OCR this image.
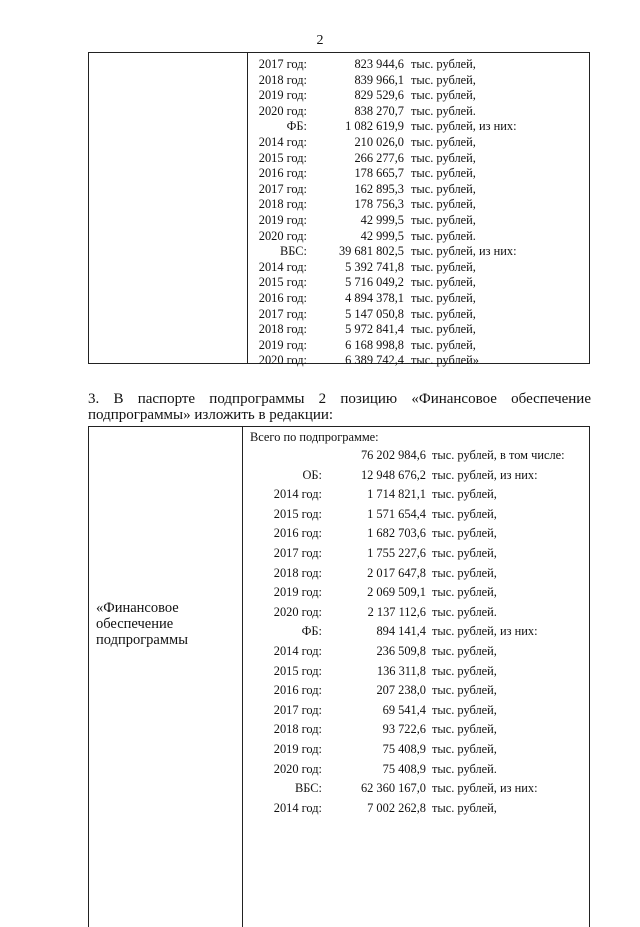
2
2017 год:	823 944,6 тыс. рублей,
2018 год:	839 966,1 тыс. рублей,
2019 год:	829 529,6 тыс. рублей,
2020 год:	838 270,7 тыс. рублей.
ФБ:	1 082 619,9 тыс. рублей, из них:
2014 год:	210 026,0 тыс. рублей,
2015 год:	266 277,6 тыс. рублей,
2016 год:	178 665,7 тыс. рублей,
2017 год:	162 895,3 тыс. рублей,
2018 год:	178 756,3 тыс. рублей,
2019 год:	42 999,5 тыс. рублей,
2020 год:	42 999,5 тыс. рублей.
ВБС:	39 681 802,5 тыс. рублей, из них:
2014 год:	5 392 741,8 тыс. рублей,
2015 год:	5 716 049,2 тыс. рублей,
2016 год:	4 894 378,1 тыс. рублей,
2017 год:	5 147 050,8 тыс. рублей,
2018 год:	5 972 841,4 тыс. рублей,
2019 год:	6 168 998,8 тыс. рублей,
2020 год:	6 389 742,4 тыс. рублей»
3. В паспорте подпрограммы 2 позицию «Финансовое обеспечение
подпрограммы» изложить в редакции:
«Финансовое
обеспечение
подпрограммы
Всего по подпрограмме:
76 202 984,6 тыс. рублей, в том числе:
ОБ:	12 948 676,2 тыс. рублей, из них:
2014 год:	1 714 821,1 тыс. рублей,
2015 год:	1 571 654,4 тыс. рублей,
2016 год:	1 682 703,6 тыс. рублей,
2017 год:	1 755 227,6 тыс. рублей,
2018 год:	2 017 647,8 тыс. рублей,
2019 год:	2 069 509,1 тыс. рублей,
2020 год:	2 137 112,6 тыс. рублей.
ФБ:	894 141,4 тыс. рублей, из них:
2014 год:	236 509,8 тыс. рублей,
2015 год:	136 311,8 тыс. рублей,
2016 год:	207 238,0 тыс. рублей,
2017 год:	69 541,4 тыс. рублей,
2018 год:	93 722,6 тыс. рублей,
2019 год:	75 408,9 тыс. рублей,
2020 год:	75 408,9 тыс. рублей.
ВБС:	62 360 167,0 тыс. рублей, из них:
2014 год:	7 002 262,8 тыс. рублей,
